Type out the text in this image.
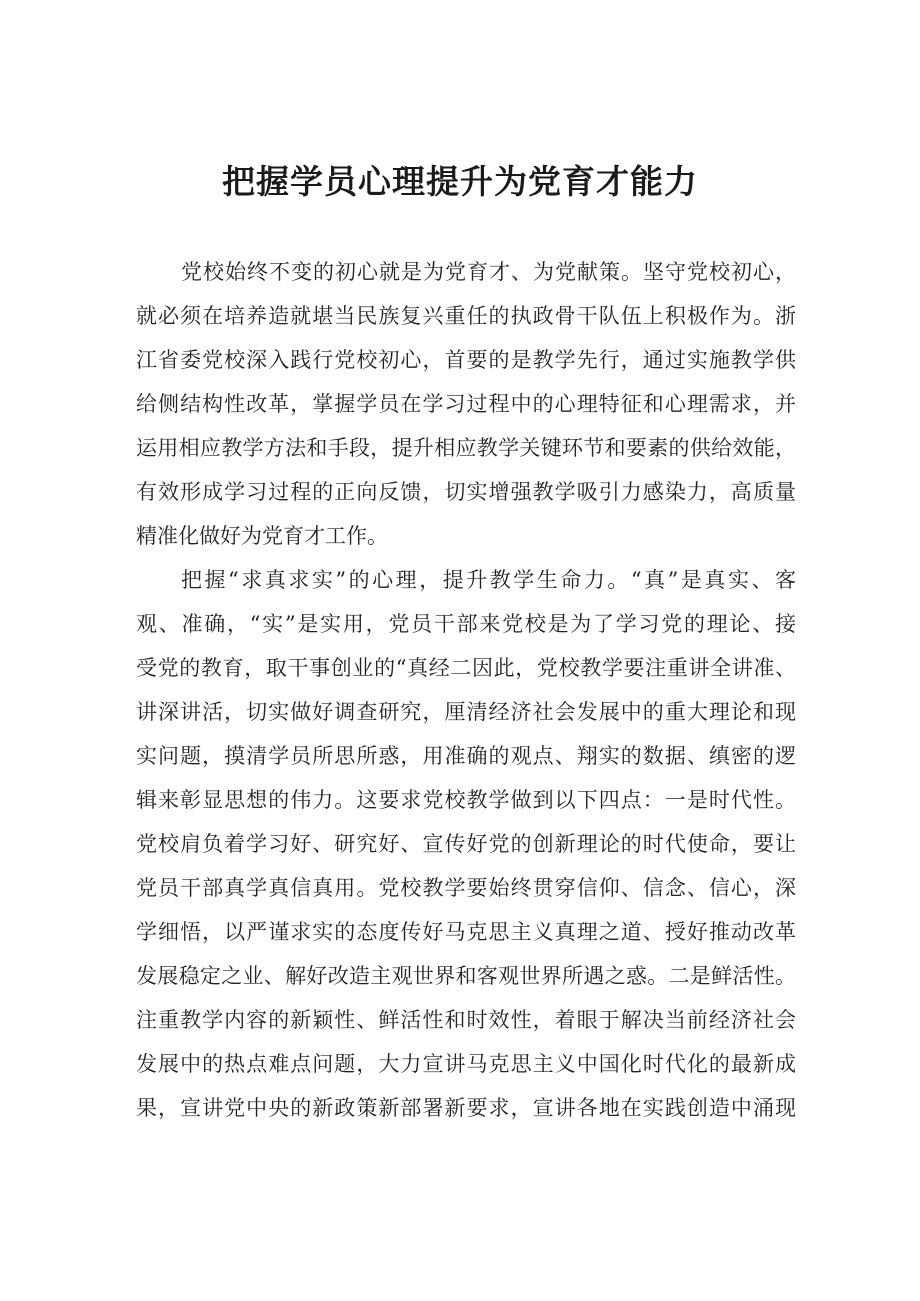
把握学员心理提升为党育才能力
党校始终不变的初心就是为党育才、为党献策。坚守党校初心，
就必须在培养造就堪当民族复兴重任的执政骨干队伍上积极作为。浙
江省委党校深入践行党校初心，首要的是教学先行，通过实施教学供
给侧结构性改革，掌握学员在学习过程中的心理特征和心理需求，并
运用相应教学方法和手段，提升相应教学关键环节和要素的供给效能，
有效形成学习过程的正向反馈，切实增强教学吸引力感染力，高质量
精准化做好为党育才工作。
把握“求真求实”的心理，提升教学生命力。“真”是真实、客
观、准确，“实”是实用，党员干部来党校是为了学习党的理论、接
受党的教育，取干事创业的“真经二因此，党校教学要注重讲全讲准、
讲深讲活，切实做好调查研究，厘清经济社会发展中的重大理论和现
实问题，摸清学员所思所惑，用准确的观点、翔实的数据、缜密的逻
辑来彰显思想的伟力。这要求党校教学做到以下四点：一是时代性。
党校肩负着学习好、研究好、宣传好党的创新理论的时代使命，要让
党员干部真学真信真用。党校教学要始终贯穿信仰、信念、信心，深
学细悟，以严谨求实的态度传好马克思主义真理之道、授好推动改革
发展稳定之业、解好改造主观世界和客观世界所遇之惑。二是鲜活性。
注重教学内容的新颖性、鲜活性和时效性，着眼于解决当前经济社会
发展中的热点难点问题，大力宣讲马克思主义中国化时代化的最新成
果，宣讲党中央的新政策新部署新要求，宣讲各地在实践创造中涌现
